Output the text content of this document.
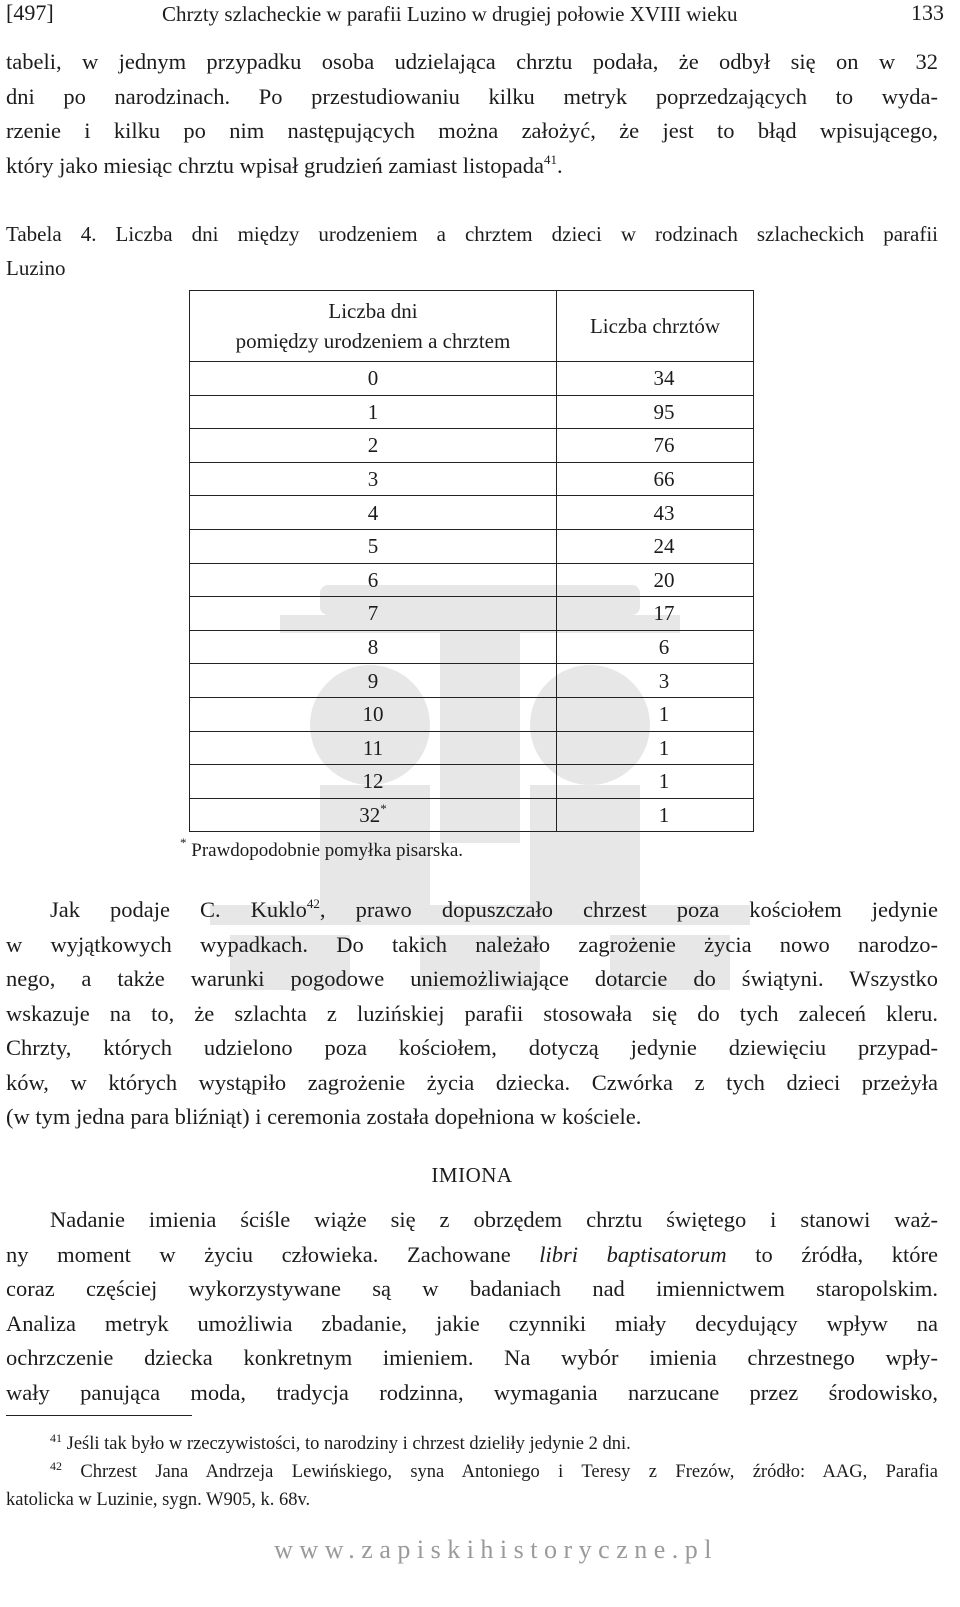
[497]	Chrzty szlacheckie w parafii Luzino w drugiej połowie XVIII wieku	133

tabeli, w jednym przypadku osoba udzielająca chrztu podała, że odbył się on w 32
dni po narodzinach. Po przestudiowaniu kilku metryk poprzedzających to wyda-
rzenie i kilku po nim następujących można założyć, że jest to błąd wpisującego,
który jako miesiąc chrztu wpisał grudzień zamiast listopada$^{41}$.

Tabela 4. Liczba dni między urodzeniem a chrztem dzieci w rodzinach szlacheckich parafii
Luzino
Liczba dni
pomiędzy urodzeniem a chrztem	Liczba chrztów
0	34
1	95
2	76
3	66
4	43
5	24
6	20
7	17
8	6
9	3
10	1
11	1
12	1
32*	1
* Prawdopodobnie pomyłka pisarska.

Jak podaje C. Kuklo$^{42}$, prawo dopuszczało chrzest poza kościołem jedynie
w wyjątkowych wypadkach. Do takich należało zagrożenie życia nowo narodzo-
nego, a także warunki pogodowe uniemożliwiające dotarcie do świątyni. Wszystko
wskazuje na to, że szlachta z luzińskiej parafii stosowała się do tych zaleceń kleru.
Chrzty, których udzielono poza kościołem, dotyczą jedynie dziewięciu przypad-
ków, w których wystąpiło zagrożenie życia dziecka. Czwórka z tych dzieci przeżyła
(w tym jedna para bliźniąt) i ceremonia została dopełniona w kościele.

IMIONA

Nadanie imienia ściśle wiąże się z obrzędem chrztu świętego i stanowi waż-
ny moment w życiu człowieka. Zachowane libri baptisatorum to źródła, które
coraz częściej wykorzystywane są w badaniach nad imiennictwem staropolskim.
Analiza metryk umożliwia zbadanie, jakie czynniki miały decydujący wpływ na
ochrzczenie dziecka konkretnym imieniem. Na wybór imienia chrzestnego wpły-
wały panująca moda, tradycja rodzinna, wymagania narzucane przez środowisko,

$^{41}$ Jeśli tak było w rzeczywistości, to narodziny i chrzest dzieliły jedynie 2 dni.
$^{42}$ Chrzest Jana Andrzeja Lewińskiego, syna Antoniego i Teresy z Frezów, źródło: AAG, Parafia
katolicka w Luzinie, sygn. W905, k. 68v.
www.zapiskihistoryczne.pl
